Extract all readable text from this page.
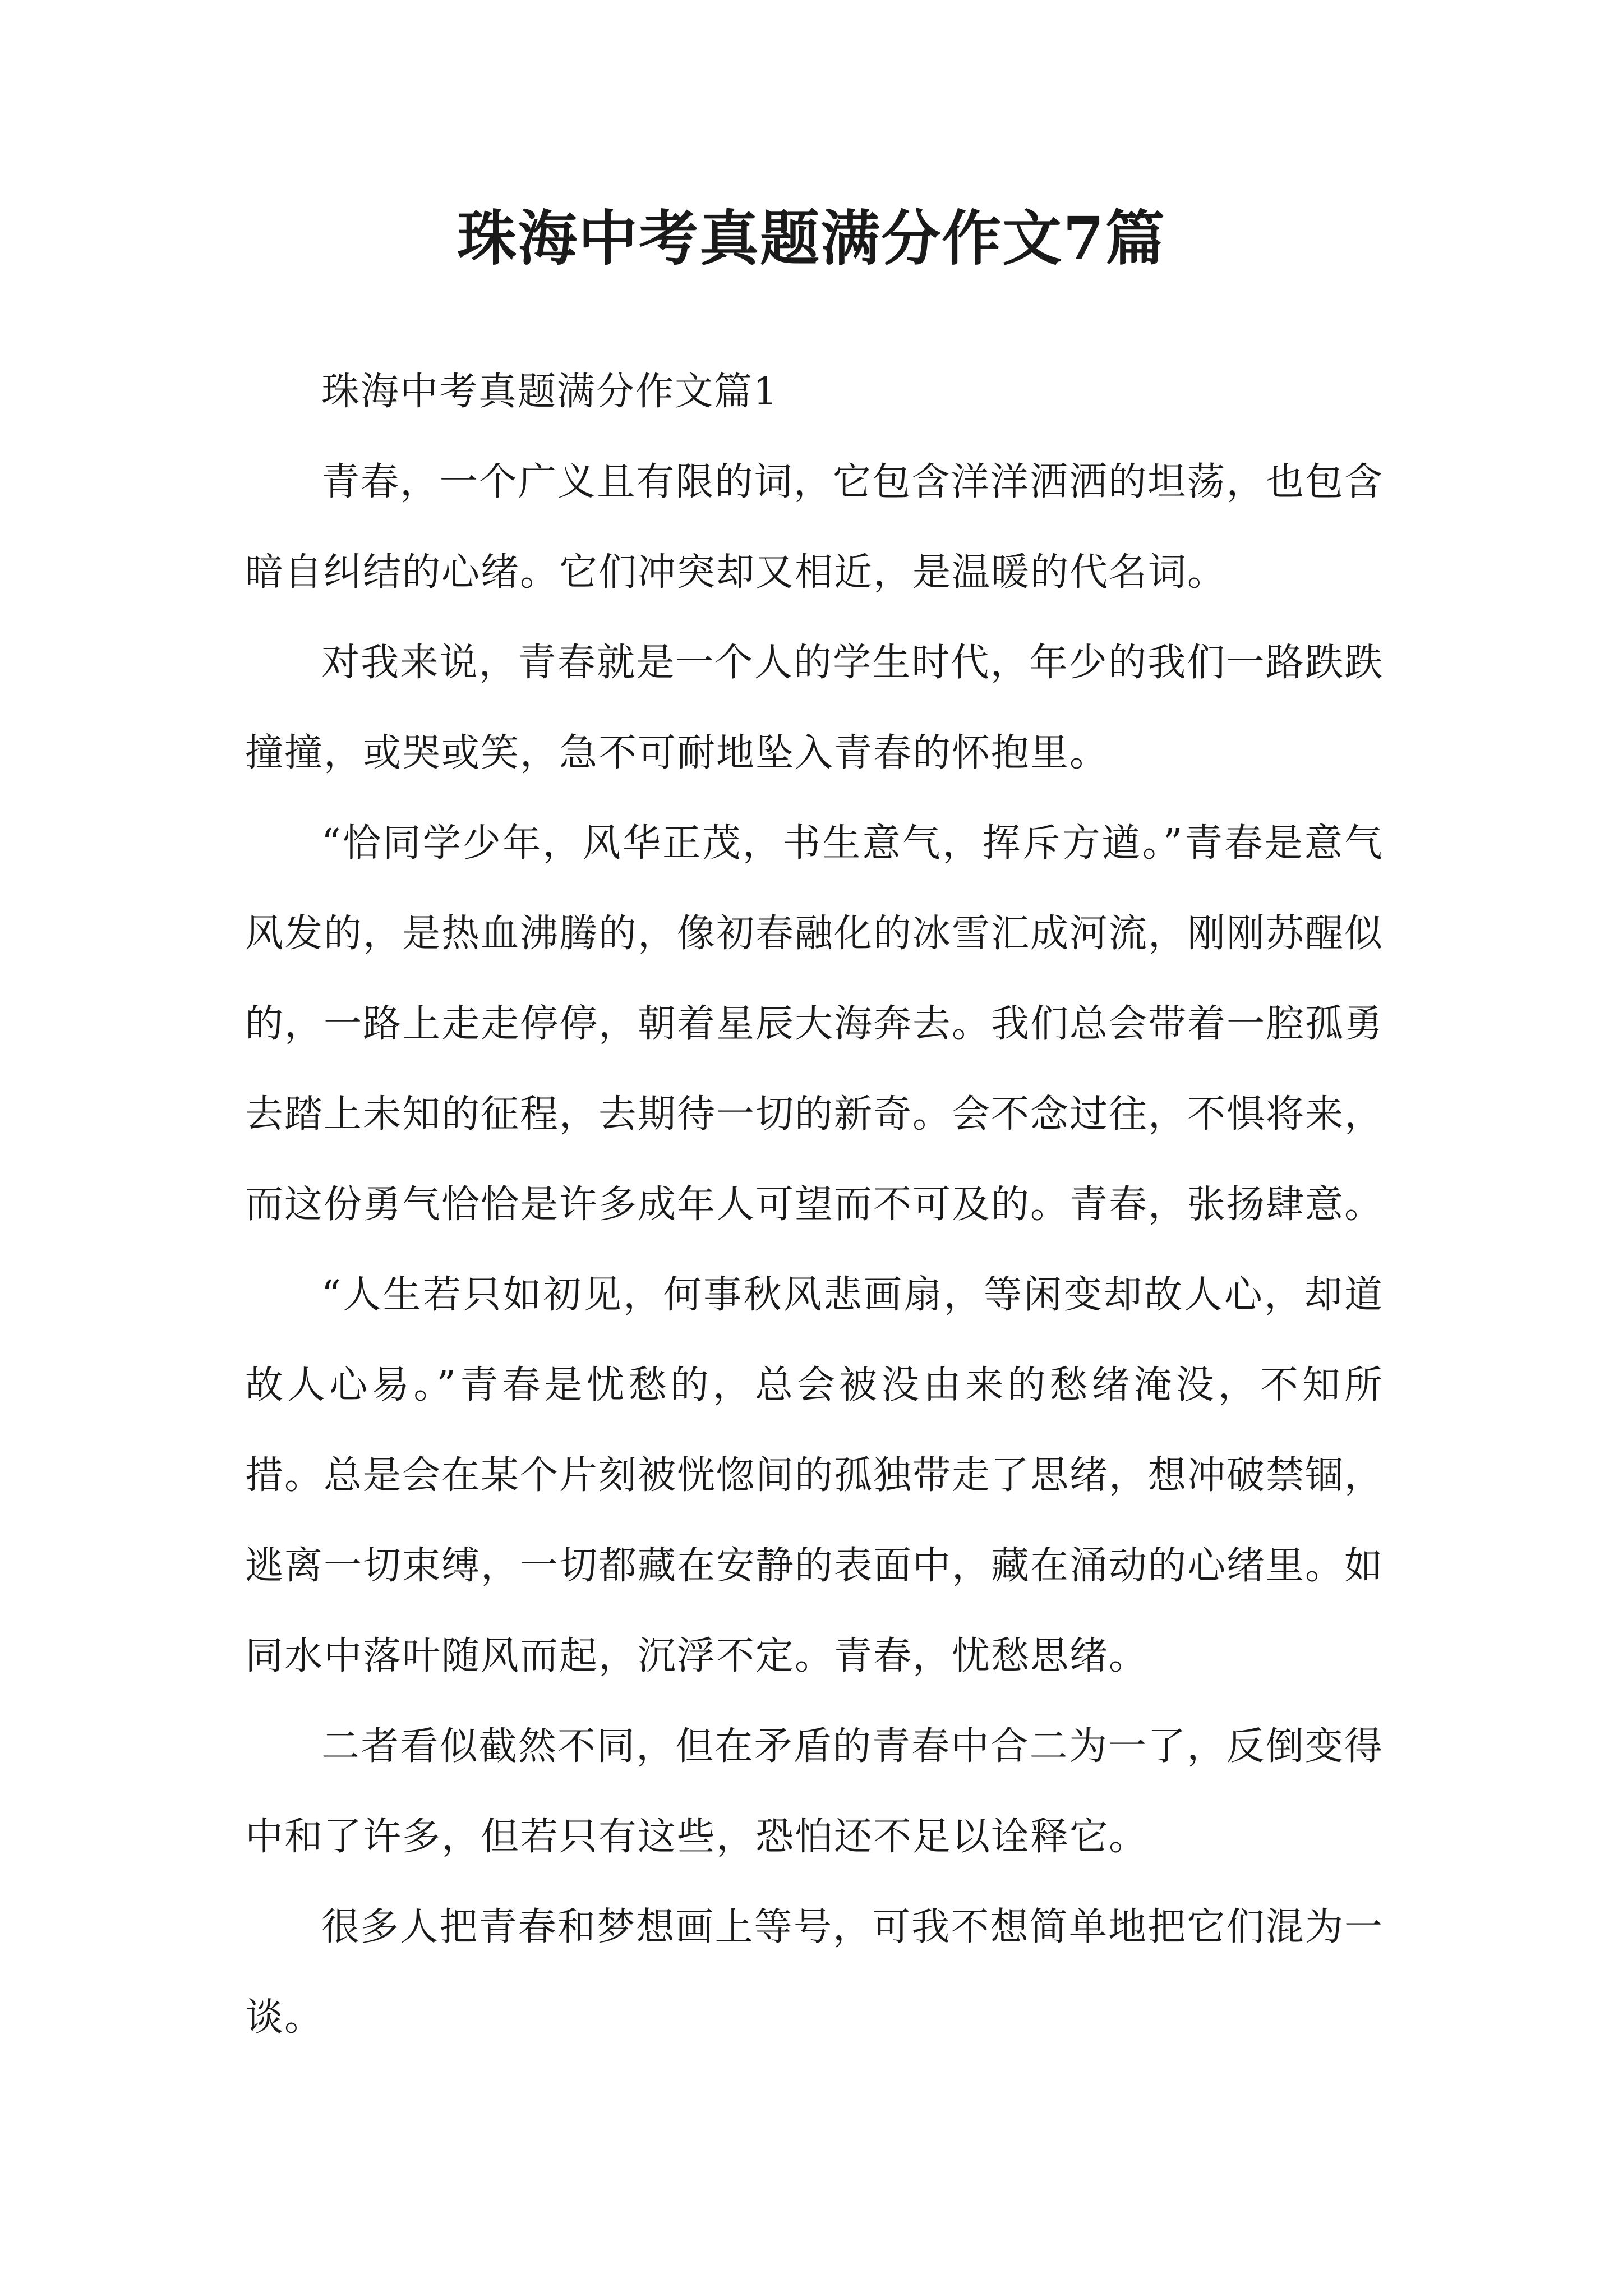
珠海中考真题满分作文7篇

珠海中考真题满分作文篇1

青春，一个广义且有限的词，它包含洋洋洒洒的坦荡，也包含暗自纠结的心绪。它们冲突却又相近，是温暖的代名词。

对我来说，青春就是一个人的学生时代，年少的我们一路跌跌撞撞，或哭或笑，急不可耐地坠入青春的怀抱里。

“恰同学少年，风华正茂，书生意气，挥斥方遒。”青春是意气风发的，是热血沸腾的，像初春融化的冰雪汇成河流，刚刚苏醒似的，一路上走走停停，朝着星辰大海奔去。我们总会带着一腔孤勇去踏上未知的征程，去期待一切的新奇。会不念过往，不惧将来，而这份勇气恰恰是许多成年人可望而不可及的。青春，张扬肆意。

“人生若只如初见，何事秋风悲画扇，等闲变却故人心，却道故人心易。”青春是忧愁的，总会被没由来的愁绪淹没，不知所措。总是会在某个片刻被恍惚间的孤独带走了思绪，想冲破禁锢，逃离一切束缚，一切都藏在安静的表面中，藏在涌动的心绪里。如同水中落叶随风而起，沉浮不定。青春，忧愁思绪。

二者看似截然不同，但在矛盾的青春中合二为一了，反倒变得中和了许多，但若只有这些，恐怕还不足以诠释它。

很多人把青春和梦想画上等号，可我不想简单地把它们混为一谈。
